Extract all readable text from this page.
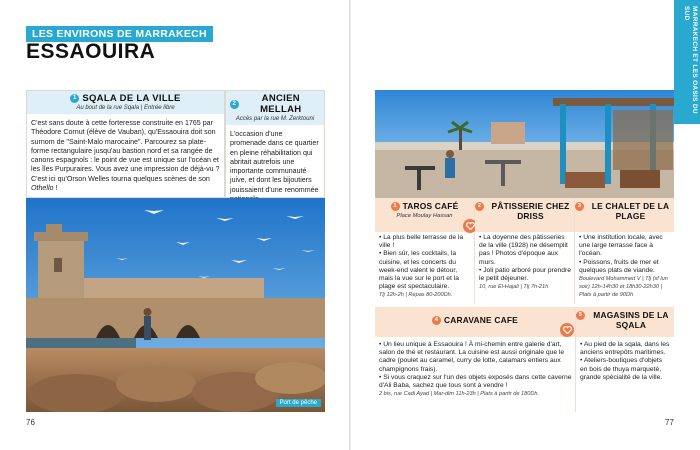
LES ENVIRONS DE MARRAKECH
ESSAOUIRA
1 SQALA DE LA VILLE
Au bout de la rue Sqala | Entrée libre
C'est sans doute à cette forteresse construite en 1765 par Théodore Cornut (élève de Vauban), qu'Essaouira doit son surnom de "Saint-Malo marocaine". Parcourez sa plate-forme rectangulaire jusqu'au bastion nord et sa rangée de canons espagnols : le point de vue est unique sur l'océan et les îles Purpuraires. Vous avez une impression de déjà-vu ? C'est ici qu'Orson Welles tourna quelques scènes de son Othello !
2	ANCIEN MELLAH
Accès par la rue M. Zerktouni
L'occasion d'une promenade dans ce quartier en pleine réhabilitation qui abritait autrefois une importante communauté juive, et dont les bijoutiers jouissaient d'une renommée
Port de pêche
76
MARRAKECH ET LES OASIS DU SUD
1 TAROS CAFÉ
Place Moulay Hassan
• La plus belle terrasse de la ville !
• Bien sûr, les cocktails, la cuisine, et les concerts du week-end valent le détour, mais la vue sur le port et la plage est spectaculaire.
Tlj 12h-2h | Repas 80-200Dh.
2	PÂTISSERIE CHEZ DRISS
• La doyenne des pâtisseries de la ville (1928) ne désemplit pas ! Photos d'époque aux murs.
• Joli patio arboré pour prendre le petit déjeuner.
10, rue El-Hajali | Tlj 7h-21h
3	LE CHALET DE LA PLAGE
• Une institution locale, avec une large terrasse face à l'océan.
• Poissons, fruits de mer et quelques plats de viande.
Boulevard Mohammed V | Tlj (sf lun soir) 12h-14h30 et 18h30-22h30 | Plats à partir de 90Dh
4 CARAVANE CAFE
• Un lieu unique à Essaouira ! À mi-chemin entre galerie d'art, salon de thé et restaurant. La cuisine est aussi originale que le cadre (poulet au caramel, curry de lotte, calamars entiers aux champignons frais).
• Si vous craquez sur l'un des objets exposés dans cette caverne d'Ali Baba, sachez que tous sont à vendre !
2 bis, rue Cadi Ayad | Mar-dim 11h-23h | Plats à partir de 180Dh.
5	MAGASINS DE LA SQALA
• Au pied de la sqala, dans les anciens entrepôts maritimes.
• Ateliers-boutiques d'objets en bois de thuya marqueté, grande spécialité de la ville.
77
